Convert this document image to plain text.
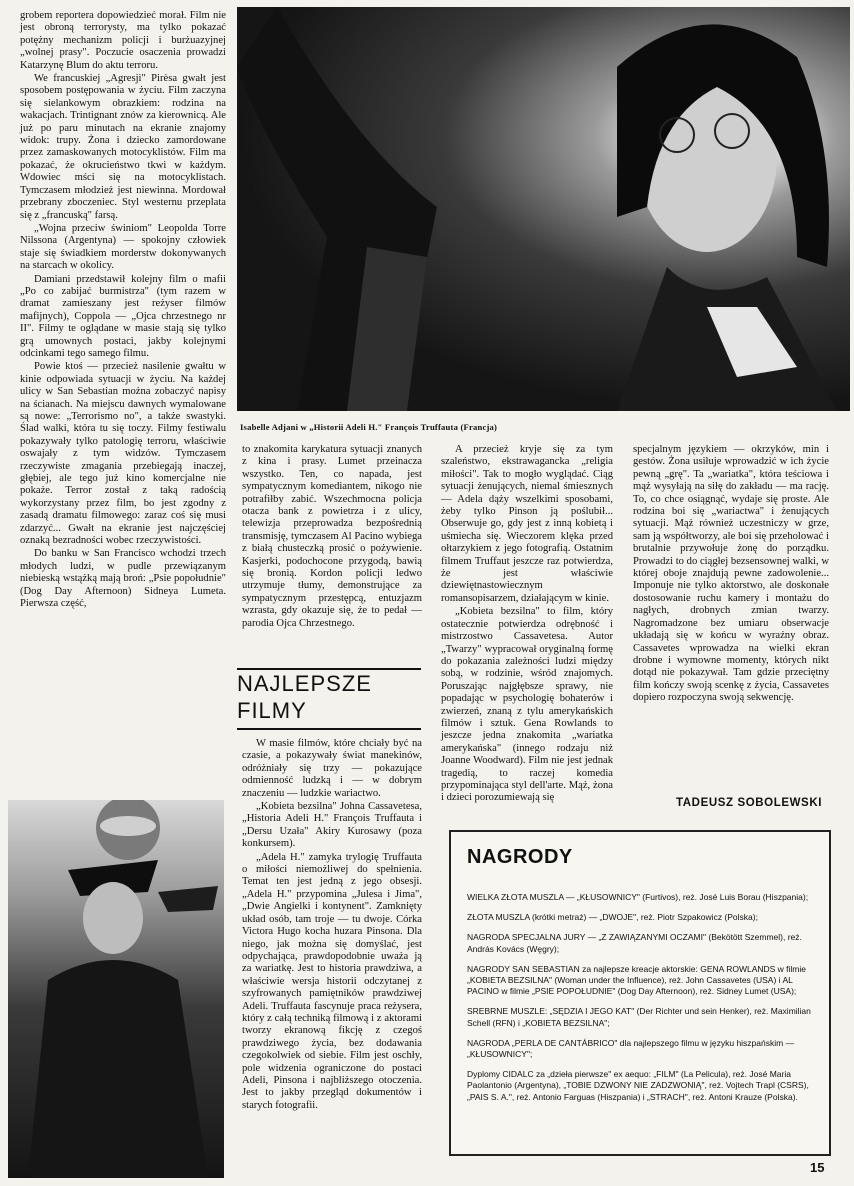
grobem reportera dopowiedzieć morał. Film nie jest obroną terrorysty, ma tylko pokazać potężny mechanizm policji i burżuazyjnej „wolnej prasy". Poczucie osaczenia prowadzi Katarzynę Blum do aktu terroru.

We francuskiej „Agresji" Pirèsa gwałt jest sposobem postępowania w życiu. Film zaczyna się sielankowym obrazkiem: rodzina na wakacjach. Trintignant znów za kierownicą. Ale już po paru minutach na ekranie znajomy widok: trupy. Żona i dziecko zamordowane przez zamaskowanych motocyklistów. Film ma pokazać, że okrucieństwo tkwi w każdym. Wdowiec mści się na motocyklistach. Tymczasem młodzież jest niewinna. Mordował przebrany zboczeniec. Styl westernu przeplata się z „francuską" farsą.

„Wojna przeciw świniom" Leopolda Torre Nilssona (Argentyna) — spokojny człowiek staje się świadkiem morderstw dokonywanych na starcach w okolicy.

Damiani przedstawił kolejny film o mafii „Po co zabijać burmistrza" (tym razem w dramat zamieszany jest reżyser filmów mafijnych), Coppola — „Ojca chrzestnego nr II". Filmy te oglądane w masie stają się tylko grą umownych postaci, jakby kolejnymi odcinkami tego samego filmu.

Powie ktoś — przecież nasilenie gwałtu w kinie odpowiada sytuacji w życiu. Na każdej ulicy w San Sebastian można zobaczyć napisy na ścianach. Na miejscu dawnych wymalowane są nowe: „Terrorismo no", a także swastyki. Ślad walki, która tu się toczy. Filmy festiwalu pokazywały tylko patologię terroru, właściwie oswajały z tym widzów. Tymczasem rzeczywiste zmagania przebiegają inaczej, głębiej, ale tego już kino komercjalne nie pokaże. Terror został z taką radością wykorzystany przez film, bo jest zgodny z zasadą dramatu filmowego: zaraz coś się musi zdarzyć... Gwałt na ekranie jest najczęściej oznaką bezradności wobec rzeczywistości.

Do banku w San Francisco wchodzi trzech młodych ludzi, w pudle przewiązanym niebieską wstążką mają broń: „Psie popołudnie" (Dog Day Afternoon) Sidneya Lumeta. Pierwsza część,

Isabelle Adjani w „Historii Adeli H." François Truffauta (Francja)

to znakomita karykatura sytuacji znanych z kina i prasy. Lumet przeinacza wszystko. Ten, co napada, jest sympatycznym komediantem, nikogo nie potrafiłby zabić. Wszechmocna policja otacza bank z powietrza i z ulicy, telewizja przeprowadza bezpośrednią transmisję, tymczasem Al Pacino wybiega z białą chusteczką prosić o pożywienie. Kasjerki, podochocone przygodą, bawią się bronią. Kordon policji ledwo utrzymuje tłumy, demonstrujące za sympatycznym przestępcą, entuzjazm wzrasta, gdy okazuje się, że to pedał — parodia Ojca Chrzestnego.

NAJLEPSZE
FILMY

W masie filmów, które chciały być na czasie, a pokazywały świat manekinów, odróżniały się trzy — pokazujące odmienność ludzką i — w dobrym znaczeniu — ludzkie wariactwo.

„Kobieta bezsilna" Johna Cassavetesa, „Historia Adeli H." François Truffauta i „Dersu Uzała" Akiry Kurosawy (poza konkursem).

„Adela H." zamyka trylogię Truffauta o miłości niemożliwej do spełnienia. Temat ten jest jedną z jego obsesji. „Adela H." przypomina „Julesa i Jima", „Dwie Angielki i kontynent". Zamknięty układ osób, tam troje — tu dwoje. Córka Victora Hugo kocha huzara Pinsona. Dla niego, jak można się domyślać, jest odpychająca, prawdopodobnie uważa ją za wariatkę. Jest to historia prawdziwa, a właściwie wersja historii odczytanej z szyfrowanych pamiętników prawdziwej Adeli. Truffauta fascynuje praca reżysera, który z całą techniką filmową i z aktorami tworzy ekranową fikcję z czegoś prawdziwego życia, bez dodawania czegokolwiek od siebie. Film jest oschły, pole widzenia ograniczone do postaci Adeli, Pinsona i najbliższego otoczenia. Jest to jakby przegląd dokumentów i starych fotografii.

A przecież kryje się za tym szaleństwo, ekstrawagancka „religia miłości". Tak to mogło wyglądać. Ciąg sytuacji żenujących, niemal śmiesznych — Adela dąży wszelkimi sposobami, żeby tylko Pinson ją poślubił... Obserwuje go, gdy jest z inną kobietą i uśmiecha się. Wieczorem klęka przed ołtarzykiem z jego fotografią. Ostatnim filmem Truffaut jeszcze raz potwierdza, że jest właściwie dziewiętnastowiecznym romansopisarzem, działającym w kinie.

„Kobieta bezsilna" to film, który ostatecznie potwierdza odrębność i mistrzostwo Cassavetesa. Autor „Twarzy" wypracował oryginalną formę do pokazania zależności ludzi między sobą, w rodzinie, wśród znajomych. Poruszając najgłębsze sprawy, nie popadając w psychologię bohaterów i zwierzeń, znaną z tylu amerykańskich filmów i sztuk. Gena Rowlands to jeszcze jedna znakomita „wariatka amerykańska" (innego rodzaju niż Joanne Woodward). Film nie jest jednak tragedią, to raczej komedia przypominająca styl dell'arte. Mąż, żona i dzieci porozumiewają się

specjalnym językiem — okrzyków, min i gestów. Żona usiłuje wprowadzić w ich życie pewną „grę". Ta „wariatka", która teściowa i mąż wysyłają na siłę do zakładu — ma rację. To, co chce osiągnąć, wydaje się proste. Ale rodzina boi się „wariactwa" i żenujących sytuacji. Mąż również uczestniczy w grze, sam ją współtworzy, ale boi się przeholować i brutalnie przywołuje żonę do porządku. Prowadzi to do ciągłej bezsensownej walki, w której oboje znajdują pewne zadowolenie... Imponuje nie tylko aktorstwo, ale doskonałe dostosowanie ruchu kamery i montażu do nagłych, drobnych zmian twarzy. Nagromadzone bez umiaru obserwacje układają się w końcu w wyraźny obraz. Cassavetes wprowadza na wielki ekran drobne i wymowne momenty, których nikt dotąd nie pokazywał. Tam gdzie przeciętny film kończy swoją scenkę z życia, Cassavetes dopiero rozpoczyna swoją sekwencję.

TADEUSZ SOBOLEWSKI
NAGRODY
WIELKA ZŁOTA MUSZLA — „KŁUSOWNICY" (Furtivos), reż. José Luis Borau (Hiszpania);
ZŁOTA MUSZLA (krótki metraż) — „DWOJE", reż. Piotr Szpakowicz (Polska);
NAGRODA SPECJALNA JURY — „Z ZAWIĄZANYMI OCZAMI" (Bekötött Szemmel), reż. András Kovács (Węgry);
NAGRODY SAN SEBASTIAN za najlepsze kreacje aktorskie: GENA ROWLANDS w filmie „KOBIETA BEZSILNA" (Woman under the Influence), reż. John Cassavetes (USA) i AL PACINO w filmie „PSIE POPOŁUDNIE" (Dog Day Afternoon), reż. Sidney Lumet (USA);
SREBRNE MUSZLE: „SĘDZIA I JEGO KAT" (Der Richter und sein Henker), reż. Maximilian Schell (RFN) i „KOBIETA BEZSILNA";
NAGRODA „PERLA DE CANTÁBRICO" dla najlepszego filmu w języku hiszpańskim — „KŁUSOWNICY";
Dyplomy CIDALC za „dzieła pierwsze" ex aequo: „FILM" (La Pelicula), reż. José Maria Paolantonio (Argentyna), „TOBIE DZWONY NIE ZADZWONIĄ", reż. Vojtech Trapl (CSRS), „PAIS S. A.", reż. Antonio Farguas (Hiszpania) i „STRACH", reż. Antoni Krauze (Polska).
15
